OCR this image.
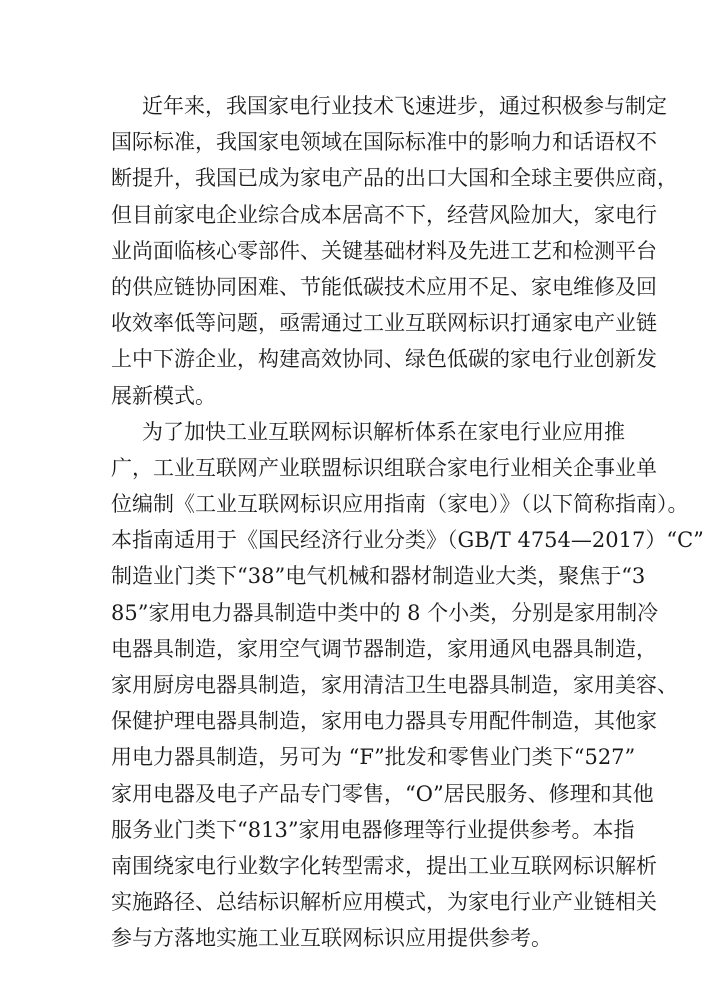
近年来，我国家电行业技术飞速进步，通过积极参与制定
国际标准，我国家电领域在国际标准中的影响力和话语权不
断提升，我国已成为家电产品的出口大国和全球主要供应商，
但目前家电企业综合成本居高不下，经营风险加大，家电行
业尚面临核心零部件、关键基础材料及先进工艺和检测平台
的供应链协同困难、节能低碳技术应用不足、家电维修及回
收效率低等问题，亟需通过工业互联网标识打通家电产业链
上中下游企业，构建高效协同、绿色低碳的家电行业创新发
展新模式。
为了加快工业互联网标识解析体系在家电行业应用推
广，工业互联网产业联盟标识组联合家电行业相关企事业单
位编制《工业互联网标识应用指南（家电）》（以下简称指南）。
本指南适用于《国民经济行业分类》（GB/T 4754—2017）“C”
制造业门类下“38”电气机械和器材制造业大类，聚焦于“3
85”家用电力器具制造中类中的 8 个小类，分别是家用制冷
电器具制造，家用空气调节器制造，家用通风电器具制造，
家用厨房电器具制造，家用清洁卫生电器具制造，家用美容、
保健护理电器具制造，家用电力器具专用配件制造，其他家
用电力器具制造，另可为 “F”批发和零售业门类下“527”
家用电器及电子产品专门零售，“O”居民服务、修理和其他
服务业门类下“813”家用电器修理等行业提供参考。本指
南围绕家电行业数字化转型需求，提出工业互联网标识解析
实施路径、总结标识解析应用模式，为家电行业产业链相关
参与方落地实施工业互联网标识应用提供参考。
